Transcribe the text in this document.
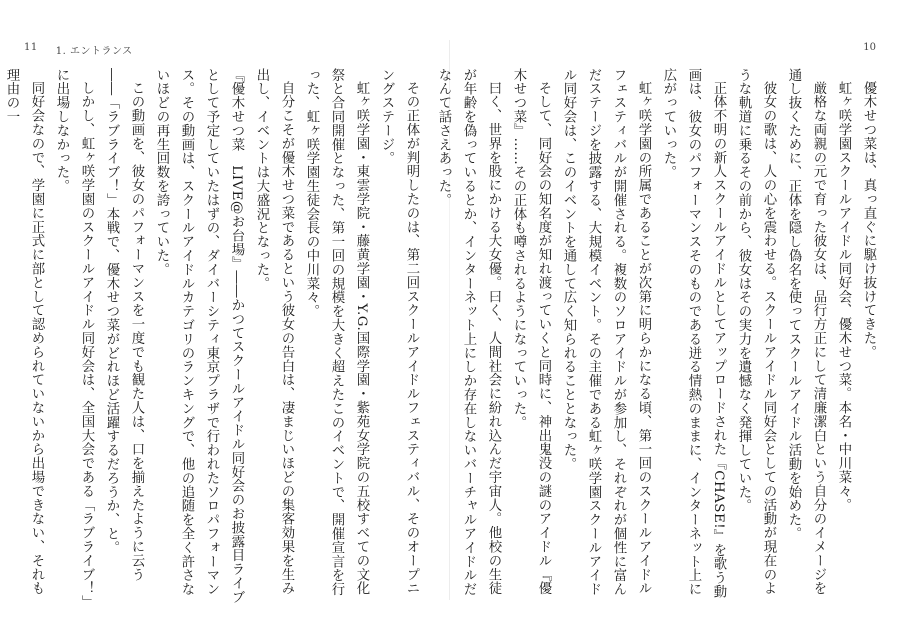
11 1. エントランス

その正体が判明したのは、第二回スクールアイドルフェスティバル、そのオープニングステージ。

虹ヶ咲学園・東雲学院・藤黄学園・Y.G.国際学園・紫苑女学院の五校すべての文化祭と合同開催となった、第一回の規模を大きく超えたこのイベントで、開催宣言を行った、虹ヶ咲学園生徒会長の中川菜々。

自分こそが優木せつ菜であるという彼女の告白は、凄まじいほどの集客効果を生み出し、イベントは大盛況となった。

『優木せつ菜　LIVE@お台場』――かつてスクールアイドル同好会のお披露目ライブとして予定していたはずの、ダイバーシティ東京プラザで行われたソロパフォーマンス。その動画は、スクールアイドルカテゴリのランキングで、他の追随を全く許さないほどの再生回数を誇っていた。

この動画を、彼女のパフォーマンスを一度でも観た人は、口を揃えたように云う――「ラブライブ！」本戦で、優木せつ菜がどれほど活躍するだろうか、と。

しかし、虹ヶ咲学園のスクールアイドル同好会は、全国大会である「ラブライブ！」に出場しなかった。

同好会なので、学園に正式に部として認められていないから出場できない、それも理由の一

10

優木せつ菜は、真っ直ぐに駆け抜けてきた。

虹ヶ咲学園スクールアイドル同好会、優木せつ菜。本名・中川菜々。

厳格な両親の元で育った彼女は、品行方正にして清廉潔白という自分のイメージを通し抜くために、正体を隠し偽名を使ってスクールアイドル活動を始めた。

彼女の歌は、人の心を震わせる。スクールアイドル同好会としての活動が現在のような軌道に乗るその前から、彼女はその実力を遺憾なく発揮していた。

正体不明の新人スクールアイドルとしてアップロードされた『CHASE!』を歌う動画は、彼女のパフォーマンスそのものである迸る情熱のままに、インターネット上に広がっていった。

虹ヶ咲学園の所属であることが次第に明らかになる頃、第一回のスクールアイドルフェスティバルが開催される。複数のソロアイドルが参加し、それぞれが個性に富んだステージを披露する、大規模イベント。その主催である虹ヶ咲学園スクールアイドル同好会は、このイベントを通して広く知られることとなった。

そして、同好会の知名度が知れ渡っていくと同時に、神出鬼没の謎のアイドル『優木せつ菜』……その正体も噂されるようになっていった。

曰く、世界を股にかける大女優。曰く、人間社会に紛れ込んだ宇宙人。他校の生徒が年齢を偽っているとか、インターネット上にしか存在しないバーチャルアイドルだなんて話さえあった。
